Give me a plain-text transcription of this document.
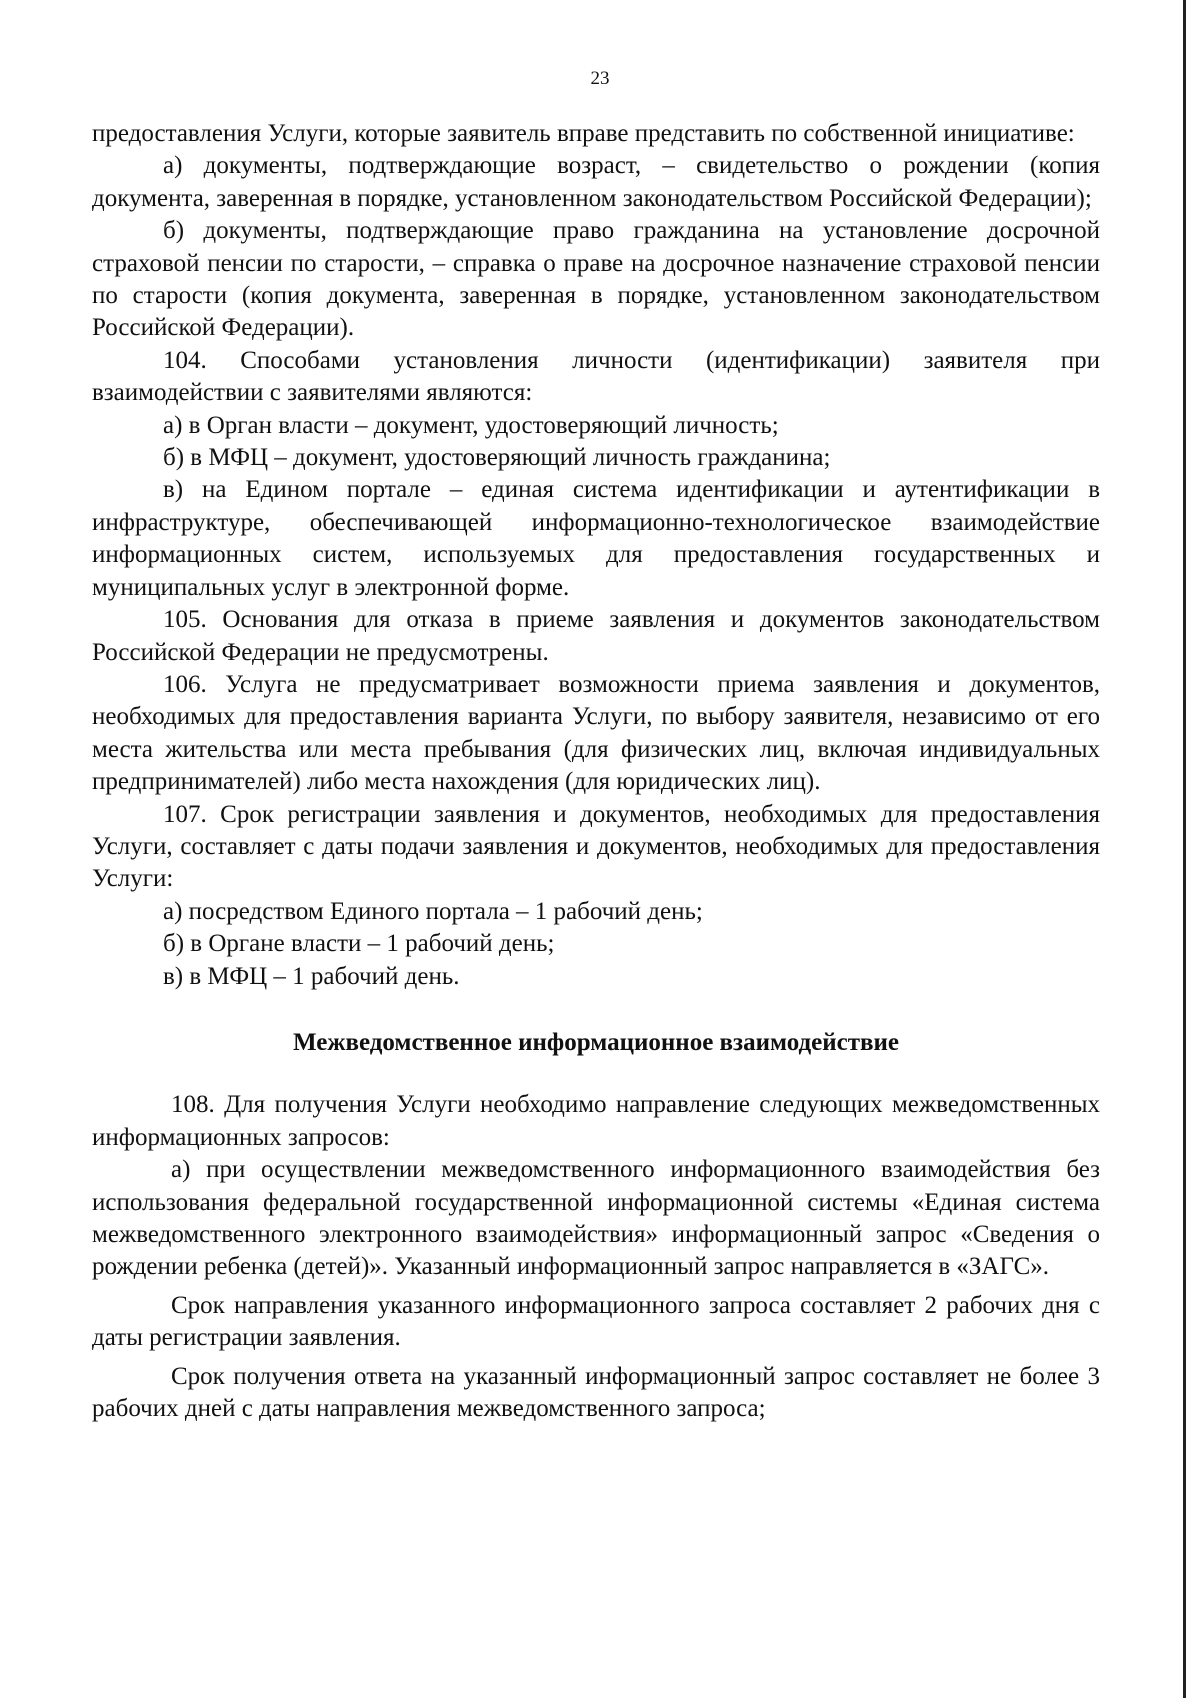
23

предоставления Услуги, которые заявитель вправе представить по собственной инициативе:

а) документы, подтверждающие возраст, – свидетельство о рождении (копия документа, заверенная в порядке, установленном законодательством Российской Федерации);

б) документы, подтверждающие право гражданина на установление досрочной страховой пенсии по старости, – справка о праве на досрочное назначение страховой пенсии по старости (копия документа, заверенная в порядке, установленном законодательством Российской Федерации).

104. Способами установления личности (идентификации) заявителя при взаимодействии с заявителями являются:

а) в Орган власти – документ, удостоверяющий личность;

б) в МФЦ – документ, удостоверяющий личность гражданина;

в) на Едином портале – единая система идентификации и аутентификации в инфраструктуре, обеспечивающей информационно-технологическое взаимодействие информационных систем, используемых для предоставления государственных и муниципальных услуг в электронной форме.

105. Основания для отказа в приеме заявления и документов законодательством Российской Федерации не предусмотрены.

106. Услуга не предусматривает возможности приема заявления и документов, необходимых для предоставления варианта Услуги, по выбору заявителя, независимо от его места жительства или места пребывания (для физических лиц, включая индивидуальных предпринимателей) либо места нахождения (для юридических лиц).

107. Срок регистрации заявления и документов, необходимых для предоставления Услуги, составляет с даты подачи заявления и документов, необходимых для предоставления Услуги:

а) посредством Единого портала – 1 рабочий день;

б) в Органе власти – 1 рабочий день;

в) в МФЦ – 1 рабочий день.

Межведомственное информационное взаимодействие

108. Для получения Услуги необходимо направление следующих межведомственных информационных запросов:

а) при осуществлении межведомственного информационного взаимодействия без использования федеральной государственной информационной системы «Единая система межведомственного электронного взаимодействия» информационный запрос «Сведения о рождении ребенка (детей)». Указанный информационный запрос направляется в «ЗАГС».

Срок направления указанного информационного запроса составляет 2 рабочих дня с даты регистрации заявления.

Срок получения ответа на указанный информационный запрос составляет не более 3 рабочих дней с даты направления межведомственного запроса;
